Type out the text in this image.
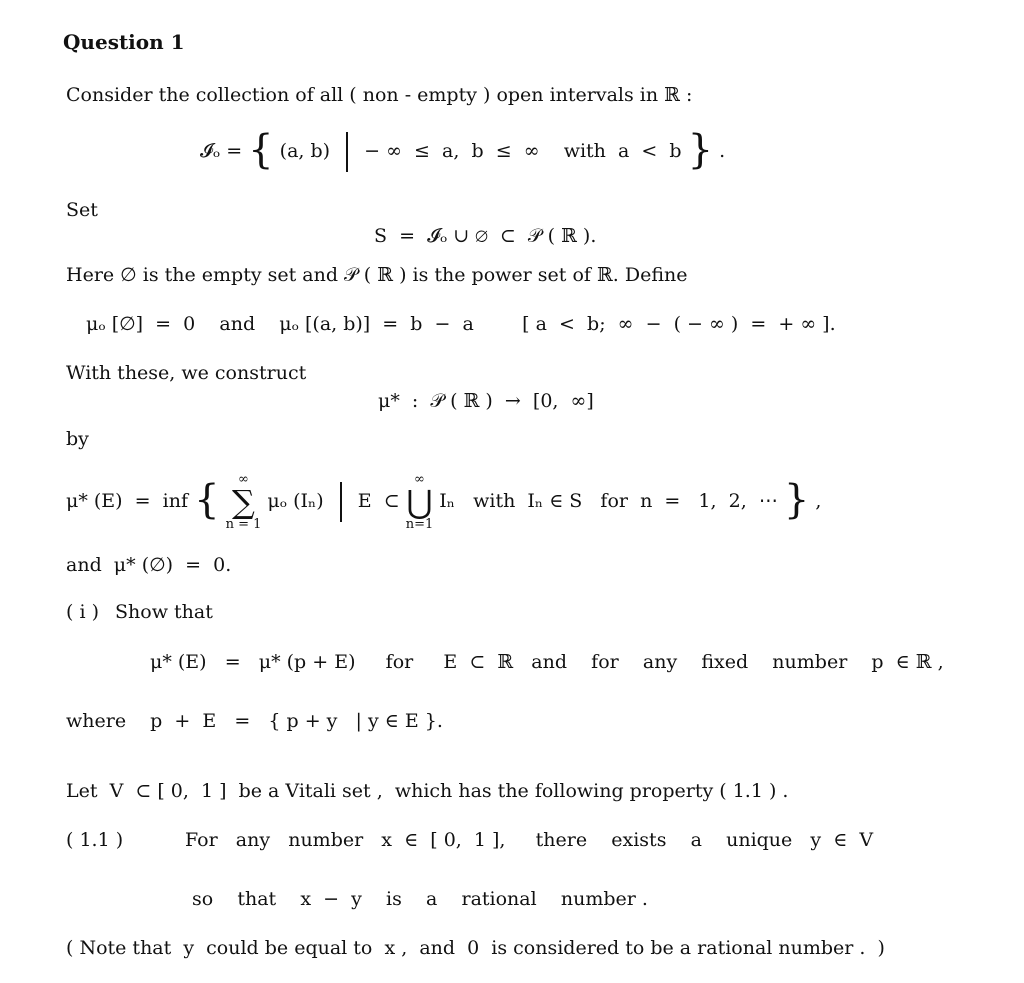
Question 1
Consider the collection of all ( non - empty ) open intervals in ℝ :
𝓘ₒ = { (a, b) − ∞  ≤  a,  b  ≤  ∞    with  a  <  b } .
Set
S  =  𝓘ₒ ∪ ∅  ⊂  𝒫 ( ℝ ).
Here ∅ is the empty set and 𝒫 ( ℝ ) is the power set of ℝ. Define
μₒ [∅]  =  0    and    μₒ [(a, b)]  =  b  −  a        [ a  <  b;  ∞  −  ( − ∞ )  =  + ∞ ].
With these, we construct
μ*  :  𝒫 ( ℝ )  →  [0,  ∞]
by
μ* (E)  =  inf {	∞
∑
n = 1
μₒ (Iₙ) E  ⊂
∞
⋃
n=1
Iₙ   with  Iₙ ∈ S   for  n  =   1,  2,  ⋯ } ,
and  μ* (∅)  =  0.
( i ) Show that
μ* (E)   =   μ* (p + E)     for     E  ⊂  ℝ   and    for    any    fixed    number    p  ∈ ℝ ,
where p  +  E   =   { p + y   | y ∈ E }.
Let  V  ⊂ [ 0,  1 ]  be a Vitali set ,  which has the following property ( 1.1 ) .
( 1.1 )	For   any   number   x  ∈  [ 0,  1 ],     there    exists    a    unique   y  ∈  V
so    that    x  −  y    is    a    rational    number .
( Note that  y  could be equal to  x ,  and  0  is considered to be a rational number .  )
